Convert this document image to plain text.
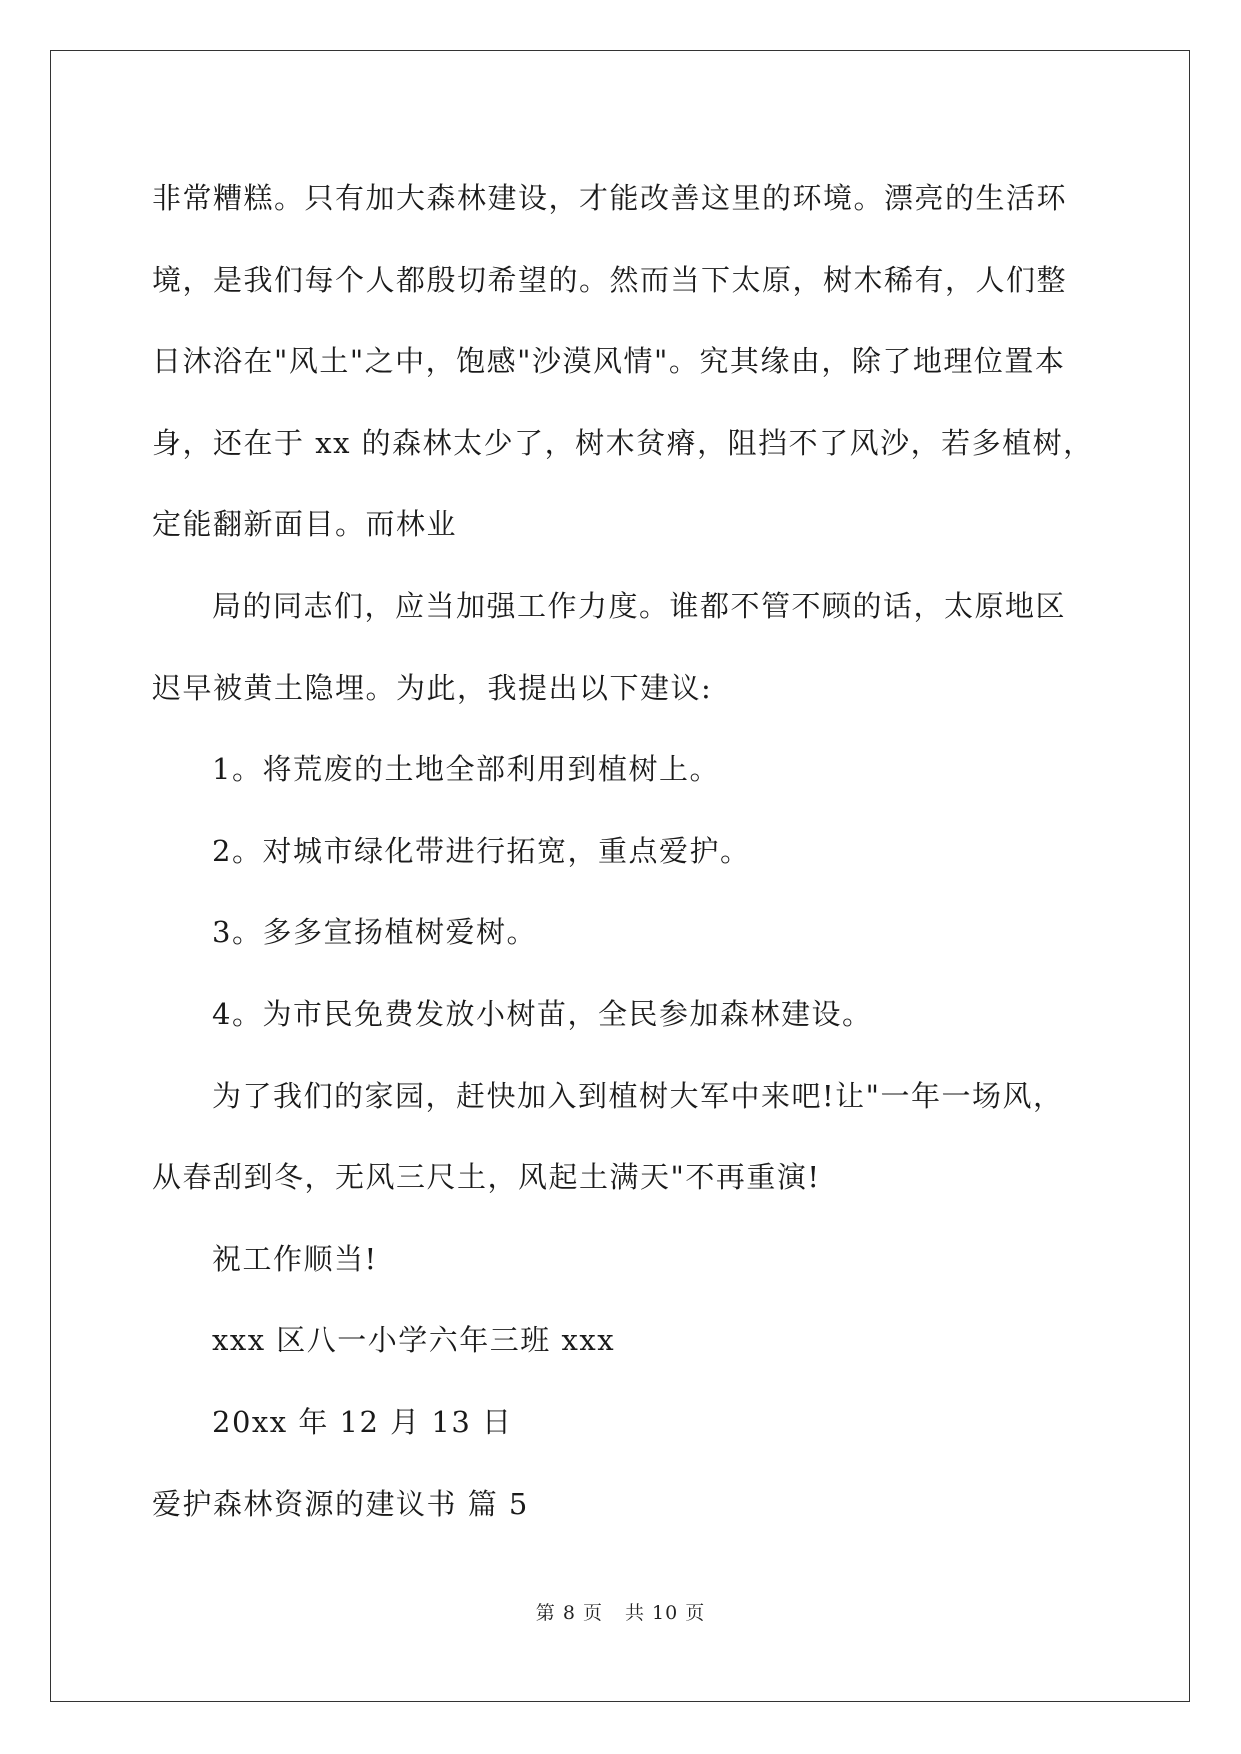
非常糟糕。只有加大森林建设，才能改善这里的环境。漂亮的生活环

境，是我们每个人都殷切希望的。然而当下太原，树木稀有，人们整

日沐浴在"风土"之中，饱感"沙漠风情"。究其缘由，除了地理位置本

身，还在于 xx 的森林太少了，树木贫瘠，阻挡不了风沙，若多植树，

定能翻新面目。而林业

局的同志们，应当加强工作力度。谁都不管不顾的话，太原地区

迟早被黄土隐埋。为此，我提出以下建议:

1。将荒废的土地全部利用到植树上。

2。对城市绿化带进行拓宽，重点爱护。

3。多多宣扬植树爱树。

4。为市民免费发放小树苗，全民参加森林建设。

为了我们的家园，赶快加入到植树大军中来吧!让"一年一场风，

从春刮到冬，无风三尺土，风起土满天"不再重演!

祝工作顺当!

xxx 区八一小学六年三班 xxx

20xx 年 12 月 13 日

爱护森林资源的建议书 篇 5

第 8 页 共 10 页
